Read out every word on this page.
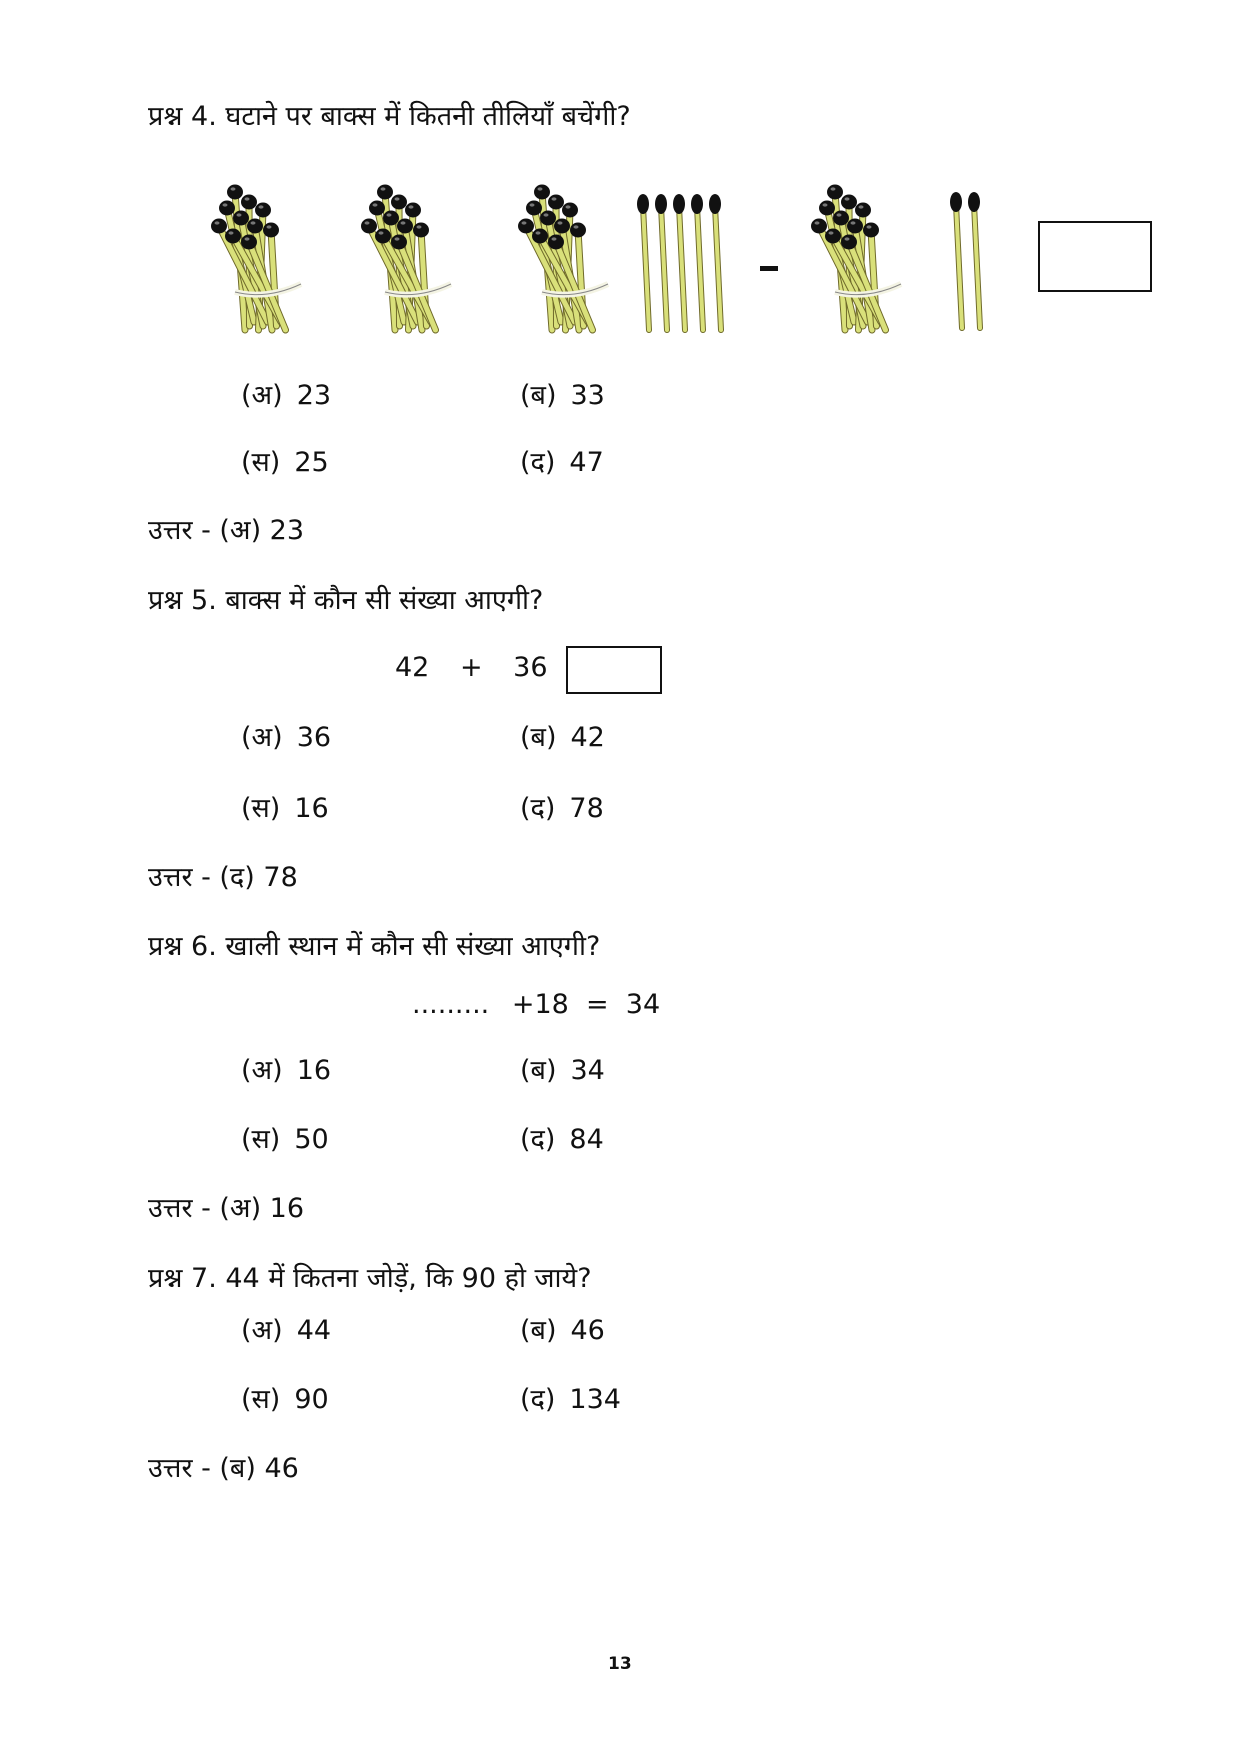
प्रश्न 4. घटाने पर बाक्स में कितनी तीलियाँ बचेंगी?
(अ) 23	(ब) 33
(स) 25	(द) 47
उत्तर - (अ) 23
प्रश्न 5. बाक्स में कौन सी संख्या आएगी?
42 + 36
(अ) 36	(ब) 42
(स) 16	(द) 78
उत्तर - (द) 78
प्रश्न 6. खाली स्थान में कौन सी संख्या आएगी?
......... +18  =  34
(अ) 16	(ब) 34
(स) 50	(द) 84
उत्तर - (अ) 16
प्रश्न 7. 44 में कितना जोड़ें, कि 90 हो जाये?
(अ) 44	(ब) 46
(स) 90	(द) 134
उत्तर - (ब) 46
13
